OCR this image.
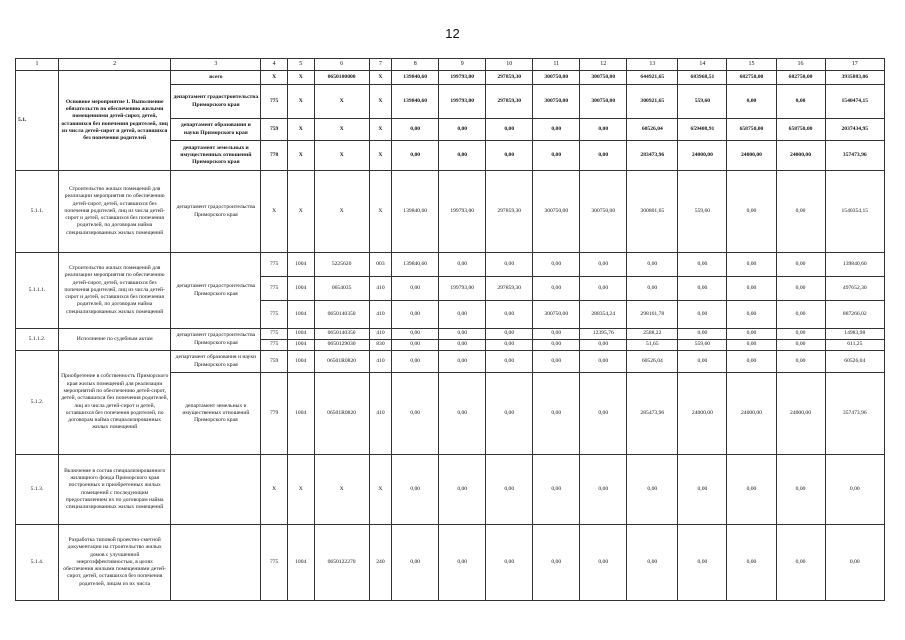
12
1	2	3	4	5	6	7	8	9	10	11	12	13	14	15	16	17
5.1.	Основное мероприятие 1. Выполнение обязательств по обеспечению жилыми помещениями детей-сирот, детей, оставшихся без попечения родителей, лиц из числа детей-сирот и детей, оставшихся без попечения родителей	всего	X	X	0650100000	X	139840,60	199793,00	297859,30	300750,00	300750,00	644921,65	683968,51	682750,00	682750,00	3935883,06
		департамент градостроительства Приморского края	775	X	X	X	139840,60	199793,00	297859,30	300750,00	300750,00	300921,65	559,60	0,00	0,00	1540474,15
		департамент образования и науки Приморского края	759	X	X	X	0,00	0,00	0,00	0,00	0,00	60526,04	659408,91	658750,00	658750,00	2037434,95
		департамент земельных и имущественных отношений Приморского края	778	X	X	X	0,00	0,00	0,00	0,00	0,00	283473,96	24000,00	24000,00	24000,00	357473,96
5.1.1.	Строительство жилых помещений для реализации мероприятия по обеспечению детей-сирот, детей, оставшихся без попечения родителей, лиц из числа детей-сирот и детей, оставшихся без попечения родителей, по договорам найма специализированных жилых помещений	департамент градостроительства Приморского края	X	X	X	X	139840,60	199793,00	297859,30	300750,00	300750,00	300801,65	559,60	0,00	0,00	1540354,15
5.1.1.1.	Строительство жилых помещений для реализации мероприятия по обеспечению детей-сирот, детей, оставшихся без попечения родителей, лиц из числа детей-сирот и детей, оставшихся без попечения родителей, по договорам найма специализированных жилых помещений	департамент градостроительства Приморского края	775	1004	5225620	003	139840,60	0,00	0,00	0,00	0,00	0,00	0,00	0,00	0,00	139840,60
			775	1004	0654035	410	0,00	199793,00	297859,30	0,00	0,00	0,00	0,00	0,00	0,00	497652,30
			775	1004	0650140350	410	0,00	0,00	0,00	300750,00	288354,24	298161,78	0,00	0,00	0,00	887266,02
5.1.1.2.	Исполнение по судебным актам	департамент градостроительства Приморского края	775	1004	0650140350	410	0,00	0,00	0,00	0,00	12395,76	2588,22	0,00	0,00	0,00	14983,98
			775	1004	0650129030	830	0,00	0,00	0,00	0,00	0,00	51,65	559,60	0,00	0,00	611,25
5.1.2.	Приобретение в собственность Приморского края жилых помещений для реализации мероприятий по обеспечению детей-сирот, детей, оставшихся без попечения родителей, лиц из числа детей-сирот и детей, оставшихся без попечения родителей, по договорам найма специализированных жилых помещений	департамент образования и науки Приморского края	759	1004	06501R0820	410	0,00	0,00	0,00	0,00	0,00	60526,04	0,00	0,00	0,00	60526,04
		департамент земельных и имущественных отношений Приморского края	779	1004	06501R0820	410	0,00	0,00	0,00	0,00	0,00	285473,96	24000,00	24000,00	24000,00	357473,96
5.1.3.	Включение в состав специализированного жилищного фонда Приморского края построенных и приобретенных жилых помещений с последующим предоставлением их по договорам найма специализированных жилых помещений		X	X	X	X	0,00	0,00	0,00	0,00	0,00	0,00	0,00	0,00	0,00	0,00
5.1.4.	Разработка типовой проектно-сметной документации на строительство жилых домов с улучшенной энергоэффективностью, в целях обеспечения жилыми помещениями детей-сирот, детей, оставшихся без попечения родителей, лицам из их числа		775	1004	0650122270	240	0,00	0,00	0,00	0,00	0,00	0,00	0,00	0,00	0,00	0,00
